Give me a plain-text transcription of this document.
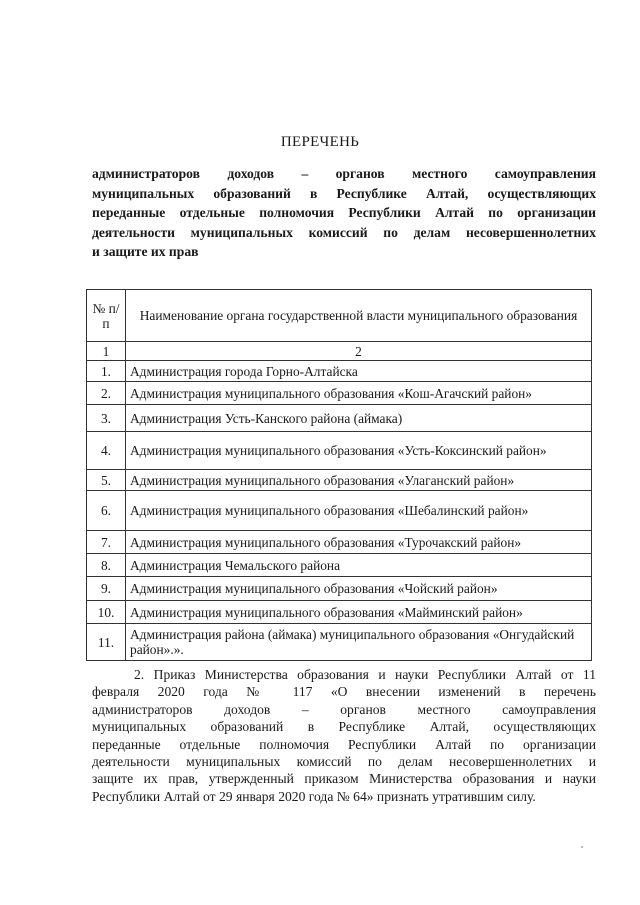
ПЕРЕЧЕНЬ
администраторов доходов – органов местного самоуправления
муниципальных образований в Республике Алтай, осуществляющих
переданные отдельные полномочия Республики Алтай по организации
деятельности муниципальных комиссий по делам несовершеннолетних
и защите их прав
№ п/п	Наименование органа государственной власти муниципального образования
1	2
1.	Администрация города Горно-Алтайска
2.	Администрация муниципального образования «Кош-Агачский район»
3.	Администрация Усть-Канского района (аймака)
4.	Администрация муниципального образования «Усть-Коксинский район»
5.	Администрация муниципального образования «Улаганский район»
6.	Администрация муниципального образования «Шебалинский район»
7.	Администрация муниципального образования «Турочакский район»
8.	Администрация Чемальского района
9.	Администрация муниципального образования «Чойский район»
10.	Администрация муниципального образования «Майминский район»
11.	Администрация района (аймака) муниципального образования «Онгудайский район».».
2. Приказ Министерства образования и науки Республики Алтай от 11
февраля 2020 года № 117 «О внесении изменений в перечень
администраторов доходов – органов местного самоуправления
муниципальных образований в Республике Алтай, осуществляющих
переданные отдельные полномочия Республики Алтай по организации
деятельности муниципальных комиссий по делам несовершеннолетних и
защите их прав, утвержденный приказом Министерства образования и науки
Республики Алтай от 29 января 2020 года № 64» признать утратившим силу.
